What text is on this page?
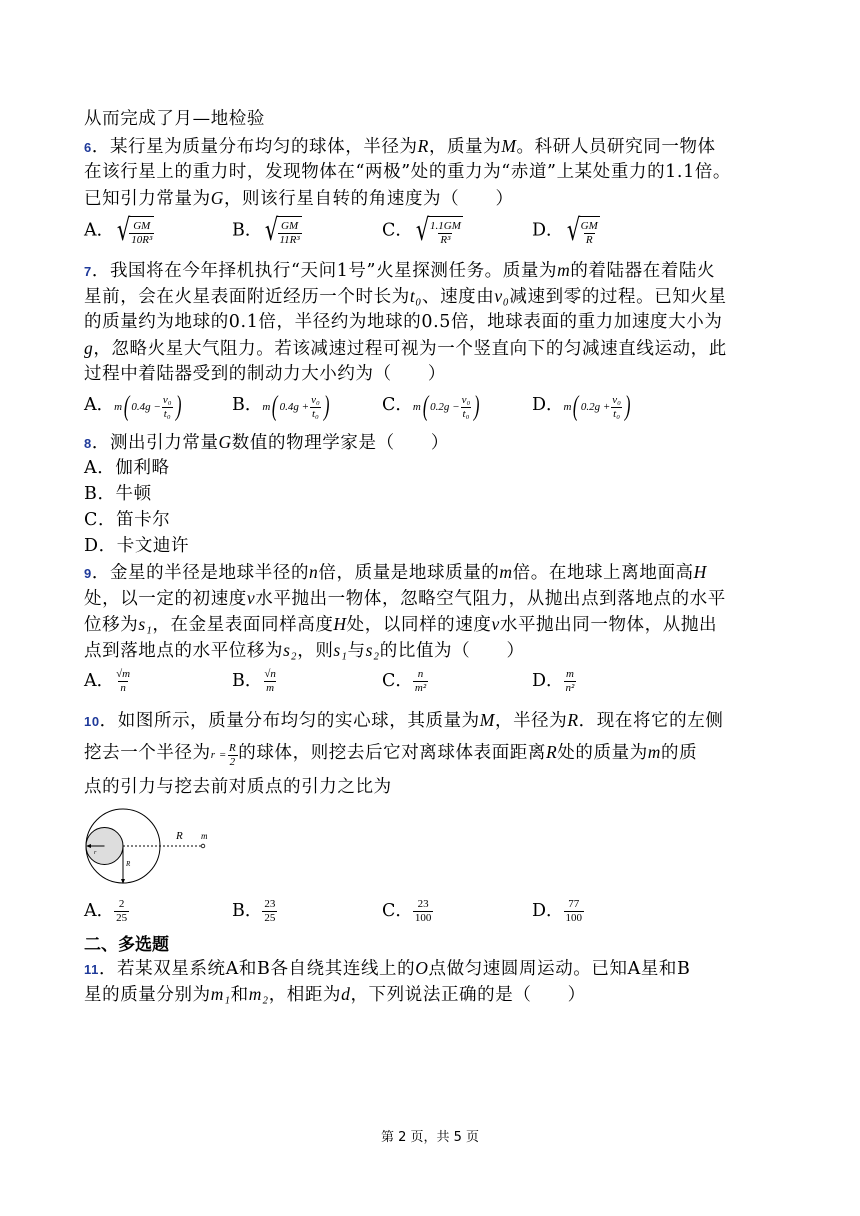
从而完成了月—地检验
6．某行星为质量分布均匀的球体，半径为R，质量为M。科研人员研究同一物体
在该行星上的重力时，发现物体在“两极”处的重力为“赤道”上某处重力的1.1倍。
已知引力常量为G，则该行星自转的角速度为（　　）
A． √
$\frac{GM}{\text{10R³}}$	B． √
$\frac{GM}{\text{11R³}}$	C． √
$\frac{1.1GM}{\text{R³}}$	D． √
$\frac{GM}{R}$
7．我国将在今年择机执行“天问1号”火星探测任务。质量为m的着陆器在着陆火
星前，会在火星表面附近经历一个时长为t₀、速度由v₀减速到零的过程。已知火星
的质量约为地球的0.1倍，半径约为地球的0.5倍，地球表面的重力加速度大小为
g，忽略火星大气阻力。若该减速过程可视为一个竖直向下的匀减速直线运动，此
过程中着陆器受到的制动力大小约为（　　）
A． m ( $0.4g - \frac{\text{v₀}}{\text{t₀}}$ )	B． m ( $0.4g + \frac{\text{v₀}}{\text{t₀}}$ )	C． m ( $0.2g - \frac{\text{v₀}}{\text{t₀}}$ )	D． m ( $0.2g + \frac{\text{v₀}}{\text{t₀}}$ )
8．测出引力常量G数值的物理学家是（　　）
A．伽利略
B．牛顿
C．笛卡尔
D．卡文迪许
9．金星的半径是地球半径的n倍，质量是地球质量的m倍。在地球上离地面高H
处，以一定的初速度v水平抛出一物体，忽略空气阻力，从抛出点到落地点的水平
位移为s₁，在金星表面同样高度H处，以同样的速度v水平抛出同一物体，从抛出
点到落地点的水平位移为s₂，则s₁与s₂的比值为（　　）
A． $\frac{√m}{n}$	B． $\frac{√n}{m}$	C． $\frac{n}{\text{m²}}$	D． $\frac{m}{\text{n²}}$
10．如图所示，质量分布均匀的实心球，其质量为M，半径为R．现在将它的左侧
挖去一个半径为 $r = \frac{R}{2}$ 的球体，则挖去后它对离球体表面距离R处的质量为m的质
点的引力与挖去前对质点的引力之比为
R m
r
R
A． $\frac{2}{25}$	B． $\frac{23}{25}$	C． $\frac{23}{100}$	D． $\frac{77}{100}$
二、多选题
11．若某双星系统A和B各自绕其连线上的O点做匀速圆周运动。已知A星和B
星的质量分别为m₁和m₂，相距为d，下列说法正确的是（　　）
第 2 页，共 5 页
